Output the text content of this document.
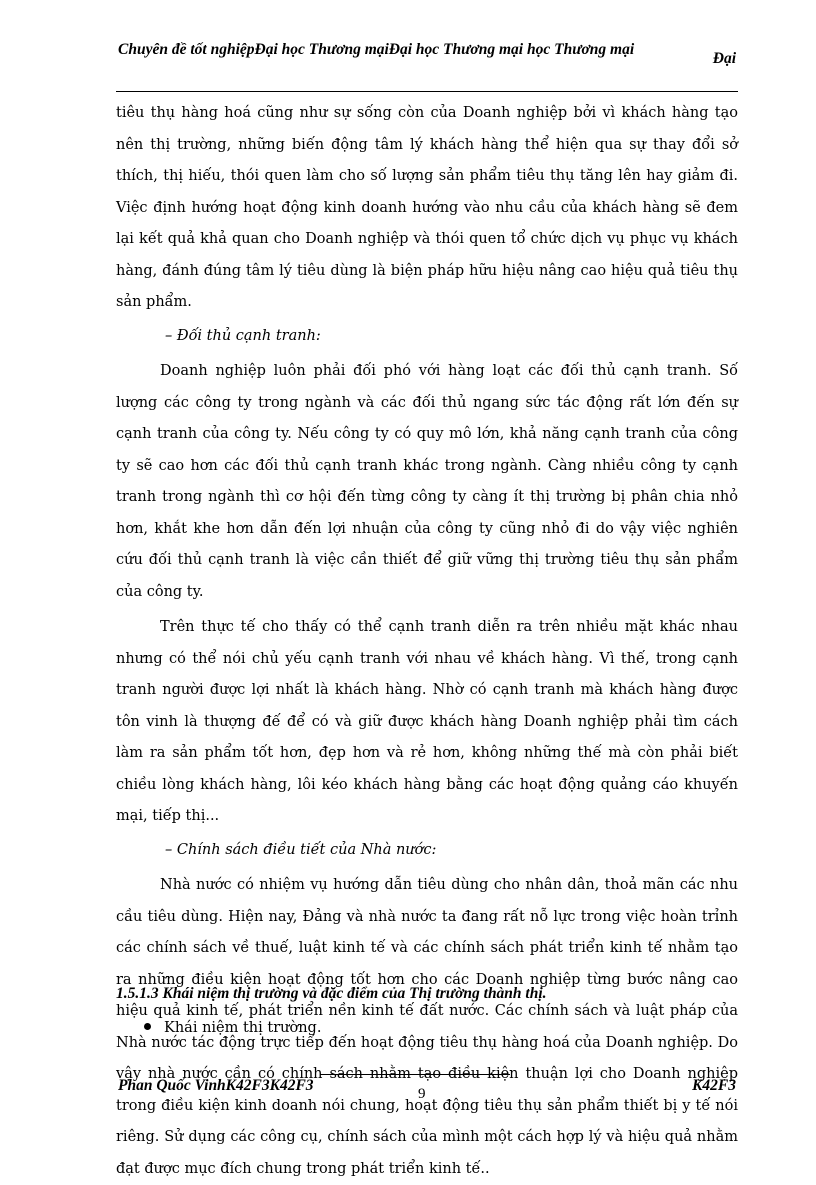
Chuyên đề tốt nghiệpĐại học Thương mạiĐại học Thương mại học Thương mại
Đại

tiêu thụ hàng hoá cũng như sự sống còn của Doanh nghiệp bởi vì khách hàng tạo nên thị trường, những biến động tâm lý khách hàng thể hiện qua sự thay đổi sở thích, thị hiếu, thói quen làm cho số lượng sản phẩm tiêu thụ tăng lên hay giảm đi. Việc định hướng hoạt động kinh doanh hướng vào nhu cầu của khách hàng sẽ đem lại kết quả khả quan cho Doanh nghiệp và thói quen tổ chức dịch vụ phục vụ khách hàng, đánh đúng tâm lý tiêu dùng là biện pháp hữu hiệu nâng cao hiệu quả tiêu thụ sản phẩm.

– Đối thủ cạnh tranh:

Doanh nghiệp luôn phải đối phó với hàng loạt các đối thủ cạnh tranh. Số lượng các công ty trong ngành và các đối thủ ngang sức tác động rất lớn đến sự cạnh tranh của công ty. Nếu công ty có quy mô lớn, khả năng cạnh tranh của công ty sẽ cao hơn các đối thủ cạnh tranh khác trong ngành. Càng nhiều công ty cạnh tranh trong ngành thì cơ hội đến từng công ty càng ít thị trường bị phân chia nhỏ hơn, khắt khe hơn dẫn đến lợi nhuận của công ty cũng nhỏ đi do vậy việc nghiên cứu đối thủ cạnh tranh là việc cần thiết để giữ vững thị trường tiêu thụ sản phẩm của công ty.

Trên thực tế cho thấy có thể cạnh tranh diễn ra trên nhiều mặt khác nhau nhưng có thể nói chủ yếu cạnh tranh với nhau về khách hàng. Vì thế, trong cạnh tranh người được lợi nhất là khách hàng. Nhờ có cạnh tranh mà khách hàng được tôn vinh là thượng đế để có và giữ được khách hàng Doanh nghiệp phải tìm cách làm ra sản phẩm tốt hơn, đẹp hơn và rẻ hơn, không những thế mà còn phải biết chiều lòng khách hàng, lôi kéo khách hàng bằng các hoạt động quảng cáo khuyến mại, tiếp thị...

– Chính sách điều tiết của Nhà nước:

Nhà nước có nhiệm vụ hướng dẫn tiêu dùng cho nhân dân, thoả mãn các nhu cầu tiêu dùng. Hiện nay, Đảng và nhà nước ta đang rất nỗ lực trong việc hoàn trỉnh các chính sách về thuế, luật kinh tế và các chính sách phát triển kinh tế nhằm tạo ra những điều kiện hoạt động tốt hơn cho các Doanh nghiệp từng bước nâng cao hiệu quả kinh tế, phát triển nền kinh tế đất nước. Các chính sách và luật pháp của Nhà nước tác động trực tiếp đến hoạt động tiêu thụ hàng hoá của Doanh nghiệp. Do vậy nhà nước cần có chính sách nhằm tạo điều kiện thuận lợi cho Doanh nghiệp trong điều kiện kinh doanh nói chung, hoạt động tiêu thụ sản phẩm thiết bị y tế nói riêng. Sử dụng các công cụ, chính sách của mình một cách hợp lý và hiệu quả nhằm đạt được mục đích chung trong phát triển kinh tế..

1.5.1.3 Khái niệm thị trường và đặc điểm của Thị trường thành thị.
Khái niệm thị trường.
Phan Quốc VinhK42F3K42F3	9	K42F3
